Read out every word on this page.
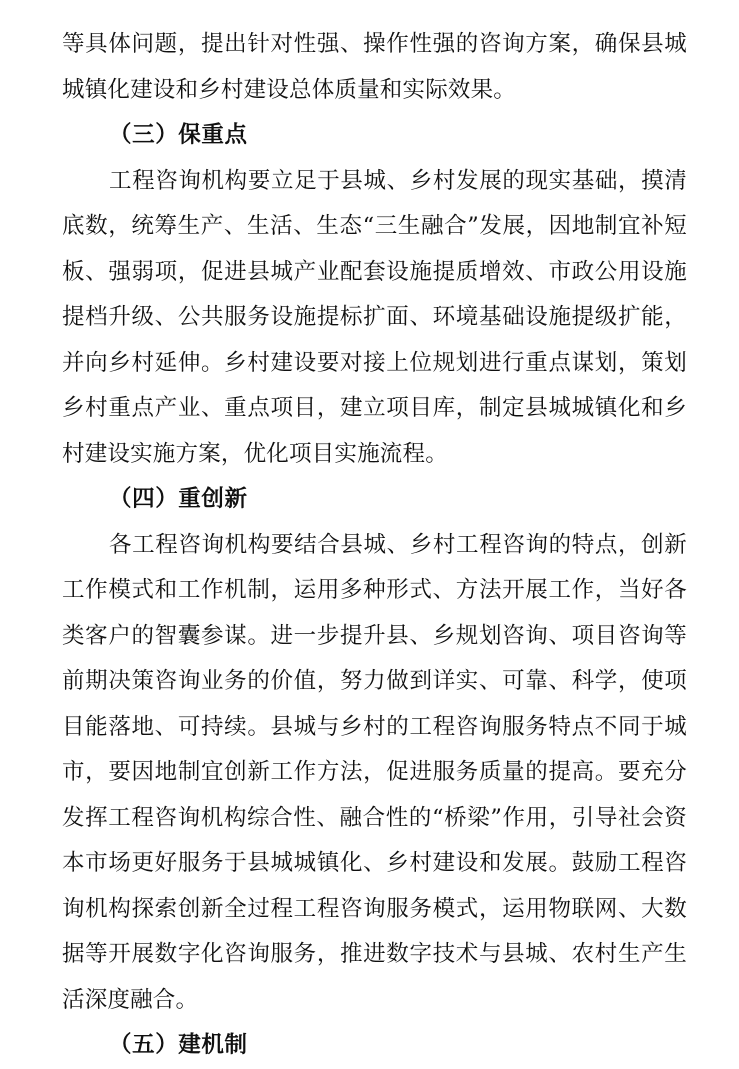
等具体问题，提出针对性强、操作性强的咨询方案，确保县城城镇化建设和乡村建设总体质量和实际效果。

（三）保重点

工程咨询机构要立足于县城、乡村发展的现实基础，摸清底数，统筹生产、生活、生态“三生融合”发展，因地制宜补短板、强弱项，促进县城产业配套设施提质增效、市政公用设施提档升级、公共服务设施提标扩面、环境基础设施提级扩能，并向乡村延伸。乡村建设要对接上位规划进行重点谋划，策划乡村重点产业、重点项目，建立项目库，制定县城城镇化和乡村建设实施方案，优化项目实施流程。

（四）重创新

各工程咨询机构要结合县城、乡村工程咨询的特点，创新工作模式和工作机制，运用多种形式、方法开展工作，当好各类客户的智囊参谋。进一步提升县、乡规划咨询、项目咨询等前期决策咨询业务的价值，努力做到详实、可靠、科学，使项目能落地、可持续。县城与乡村的工程咨询服务特点不同于城市，要因地制宜创新工作方法，促进服务质量的提高。要充分发挥工程咨询机构综合性、融合性的“桥梁”作用，引导社会资本市场更好服务于县城城镇化、乡村建设和发展。鼓励工程咨询机构探索创新全过程工程咨询服务模式，运用物联网、大数据等开展数字化咨询服务，推进数字技术与县城、农村生产生活深度融合。

（五）建机制
